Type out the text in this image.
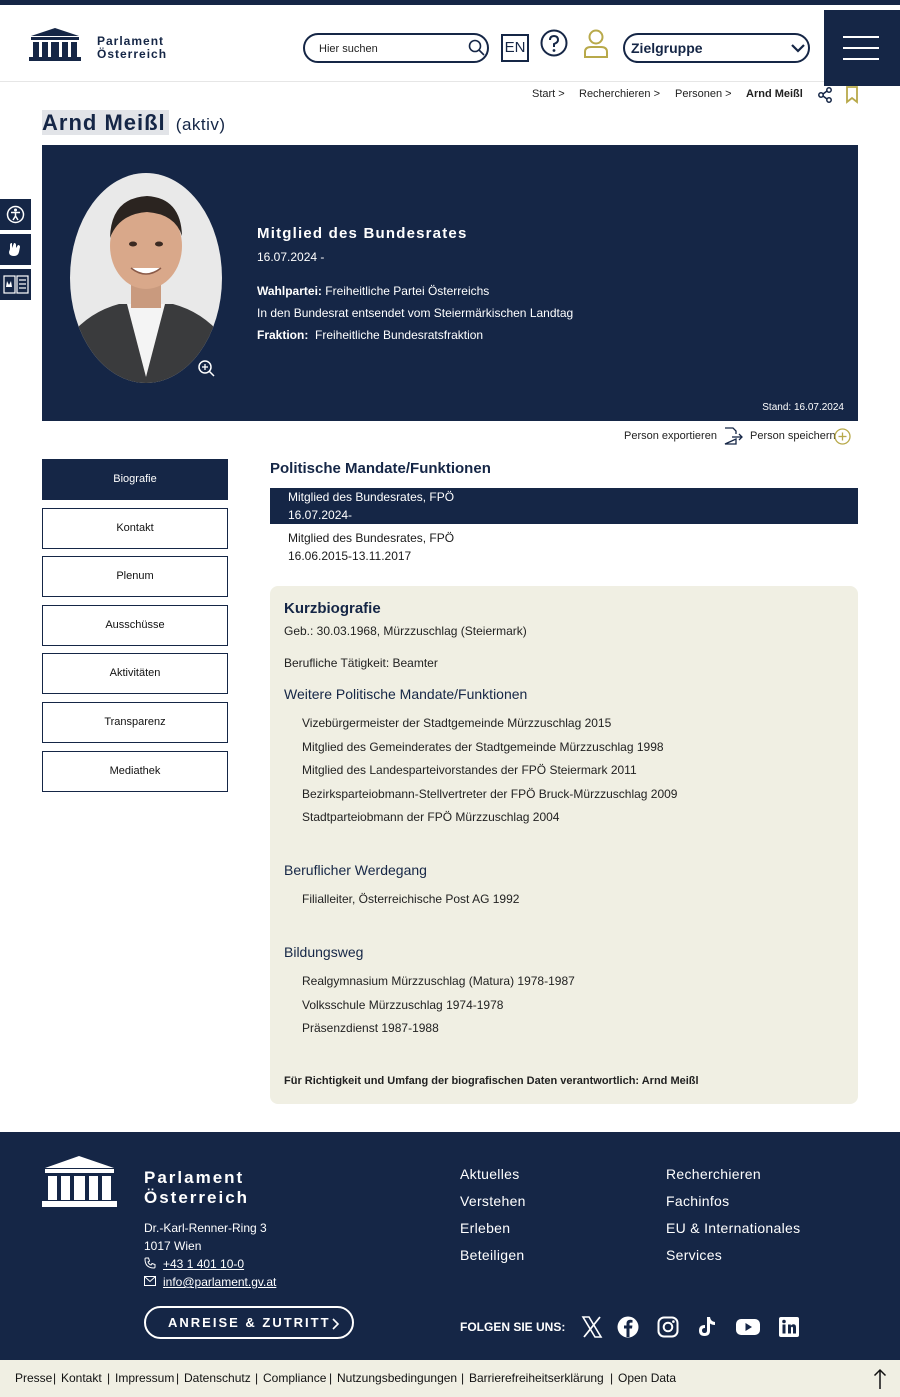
Parlament
Österreich
Hier suchen	EN	Zielgruppe
Start > Recherchieren > Personen > Arnd Meißl
Arnd Meißl (aktiv)
Mitglied des Bundesrates
16.07.2024 -
Wahlpartei: Freiheitliche Partei Österreichs
In den Bundesrat entsendet vom Steiermärkischen Landtag
Fraktion: Freiheitliche Bundesratsfraktion
Stand: 16.07.2024
Person exportieren	Person speichern
Biografie
Kontakt
Plenum
Ausschüsse
Aktivitäten
Transparenz
Mediathek
Politische Mandate/Funktionen
Mitglied des Bundesrates, FPÖ
16.07.2024-
Mitglied des Bundesrates, FPÖ
16.06.2015-13.11.2017
Kurzbiografie
Geb.: 30.03.1968, Mürzzuschlag (Steiermark)
Berufliche Tätigkeit: Beamter
Weitere Politische Mandate/Funktionen
Vizebürgermeister der Stadtgemeinde Mürzzuschlag 2015
Mitglied des Gemeinderates der Stadtgemeinde Mürzzuschlag 1998
Mitglied des Landesparteivorstandes der FPÖ Steiermark 2011
Bezirksparteiobmann-Stellvertreter der FPÖ Bruck-Mürzzuschlag 2009
Stadtparteiobmann der FPÖ Mürzzuschlag 2004
Beruflicher Werdegang
Filialleiter, Österreichische Post AG 1992
Bildungsweg
Realgymnasium Mürzzuschlag (Matura) 1978-1987
Volksschule Mürzzuschlag 1974-1978
Präsenzdienst 1987-1988
Für Richtigkeit und Umfang der biografischen Daten verantwortlich: Arnd Meißl
Parlament
Österreich
Dr.-Karl-Renner-Ring 3
1017 Wien
+43 1 401 10-0
info@parlament.gv.at
ANREISE & ZUTRITT
Aktuelles
Verstehen
Erleben
Beteiligen
Recherchieren
Fachinfos
EU & Internationales
Services
FOLGEN SIE UNS:
Presse | Kontakt | Impressum | Datenschutz | Compliance | Nutzungsbedingungen | Barrierefreiheitserklärung | Open Data
